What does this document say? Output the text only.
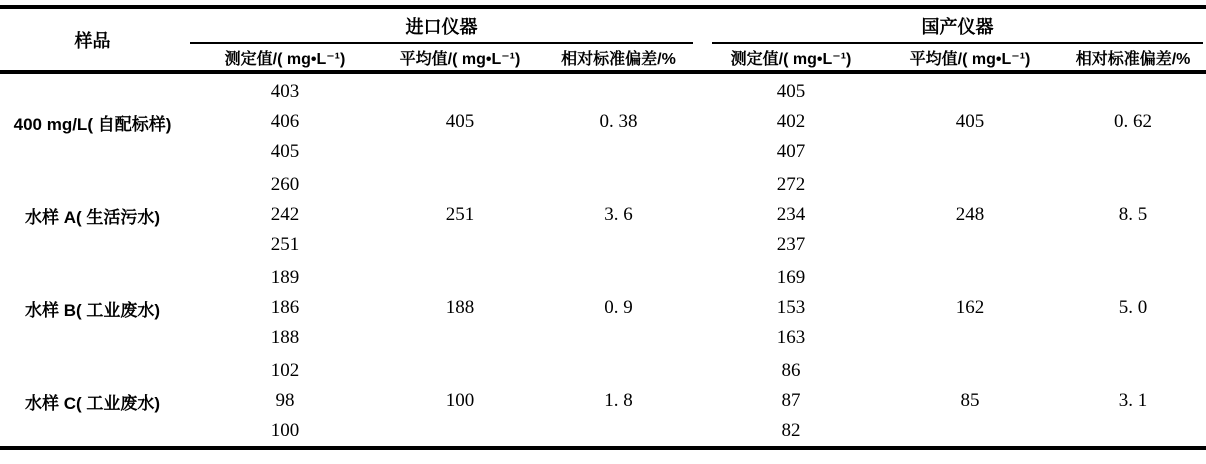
样品	进口仪器			国产仪器		

	测定值/( mg•L⁻¹)	平均值/( mg•L⁻¹)	相对标准偏差/%	测定值/( mg•L⁻¹)	平均值/( mg•L⁻¹)	相对标准偏差/%
400 mg/L( 自配标样)	403	405	0. 38	405	405	0. 62
	406			402		
	405			407		
水样 A( 生活污水)	260	251	3. 6	272	248	8. 5
	242			234		
	251			237		
水样 B( 工业废水)	189	188	0. 9	169	162	5. 0
	186			153		
	188			163		
水样 C( 工业废水)	102	100	1. 8	86	85	3. 1
	98			87		
	100			82		
